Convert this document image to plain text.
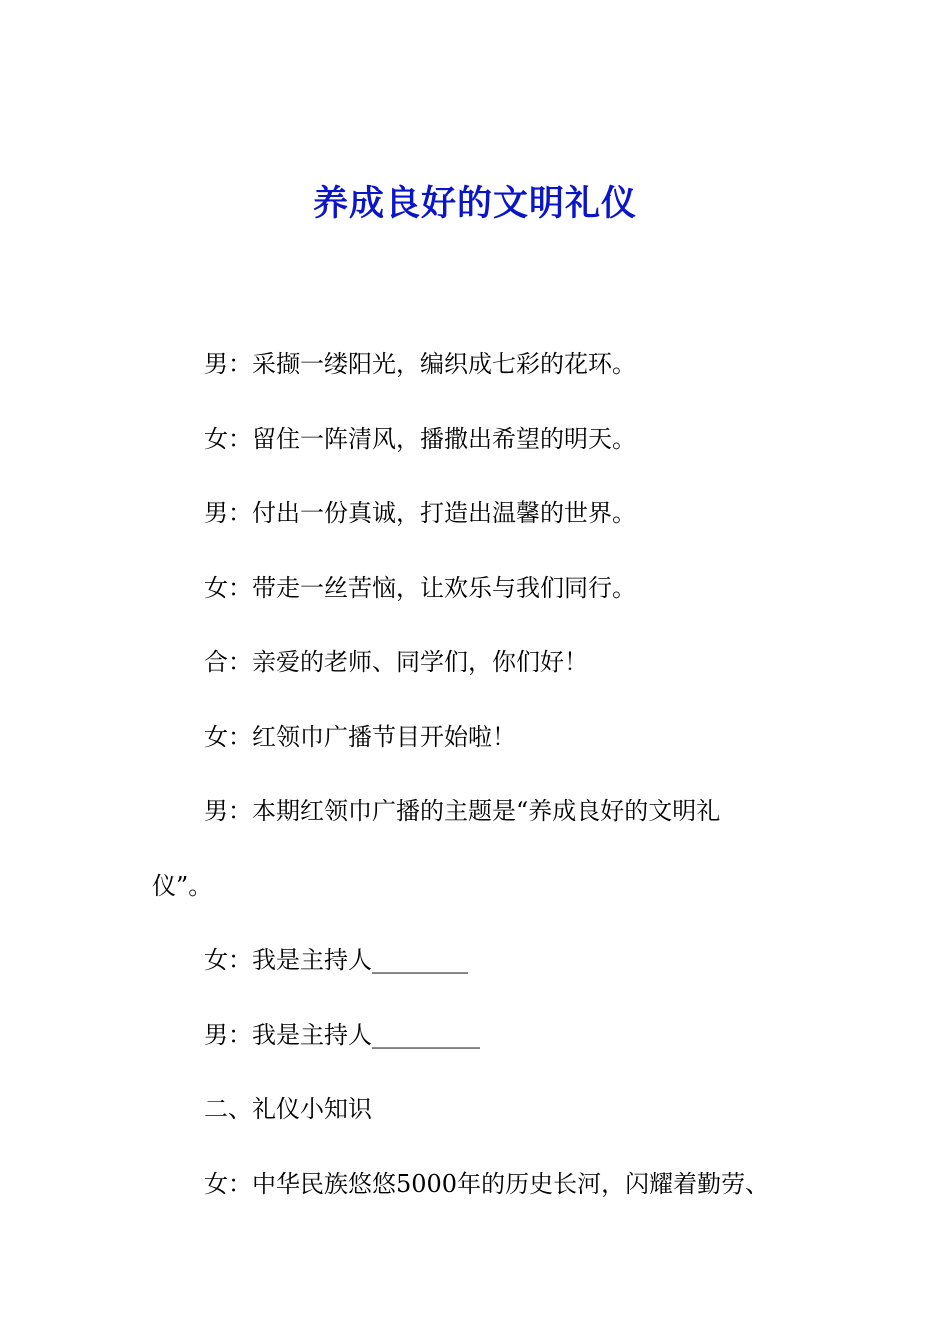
养成良好的文明礼仪

男：采撷一缕阳光，编织成七彩的花环。

女：留住一阵清风，播撒出希望的明天。

男：付出一份真诚，打造出温馨的世界。

女：带走一丝苦恼，让欢乐与我们同行。

合：亲爱的老师、同学们，你们好！

女：红领巾广播节目开始啦！

男：本期红领巾广播的主题是“养成良好的文明礼

仪”。

女：我是主持人________

男：我是主持人_________

二、礼仪小知识

女：中华民族悠悠5000年的历史长河，闪耀着勤劳、
